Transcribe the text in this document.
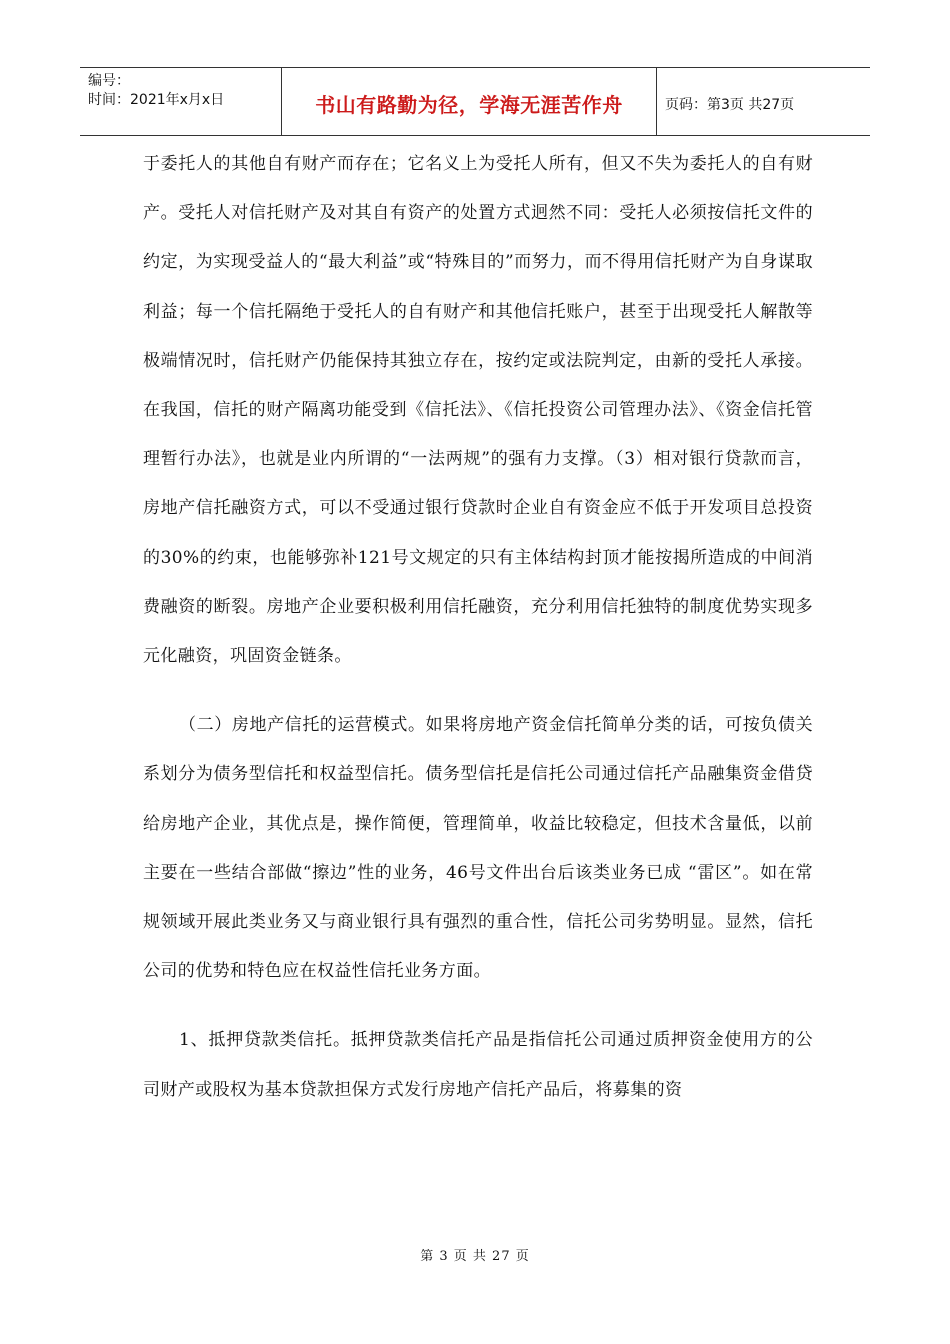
编号：
时间：2021年x月x日	书山有路勤为径，学海无涯苦作舟	页码：第3页 共27页

于委托人的其他自有财产而存在；它名义上为受托人所有，但又不失为委托人的自有财产。受托人对信托财产及对其自有资产的处置方式迥然不同：受托人必须按信托文件的约定，为实现受益人的“最大利益”或“特殊目的”而努力，而不得用信托财产为自身谋取利益；每一个信托隔绝于受托人的自有财产和其他信托账户，甚至于出现受托人解散等极端情况时，信托财产仍能保持其独立存在，按约定或法院判定，由新的受托人承接。在我国，信托的财产隔离功能受到《信托法》、《信托投资公司管理办法》、《资金信托管理暂行办法》，也就是业内所谓的“一法两规”的强有力支撑。（3）相对银行贷款而言，房地产信托融资方式，可以不受通过银行贷款时企业自有资金应不低于开发项目总投资的30%的约束，也能够弥补121号文规定的只有主体结构封顶才能按揭所造成的中间消费融资的断裂。房地产企业要积极利用信托融资，充分利用信托独特的制度优势实现多元化融资，巩固资金链条。

（二）房地产信托的运营模式。如果将房地产资金信托简单分类的话，可按负债关系划分为债务型信托和权益型信托。债务型信托是信托公司通过信托产品融集资金借贷给房地产企业，其优点是，操作简便，管理简单，收益比较稳定，但技术含量低，以前主要在一些结合部做“擦边”性的业务，46号文件出台后该类业务已成 “雷区”。如在常规领域开展此类业务又与商业银行具有强烈的重合性，信托公司劣势明显。显然，信托公司的优势和特色应在权益性信托业务方面。

1、抵押贷款类信托。抵押贷款类信托产品是指信托公司通过质押资金使用方的公司财产或股权为基本贷款担保方式发行房地产信托产品后，将募集的资

第 3 页 共 27 页
